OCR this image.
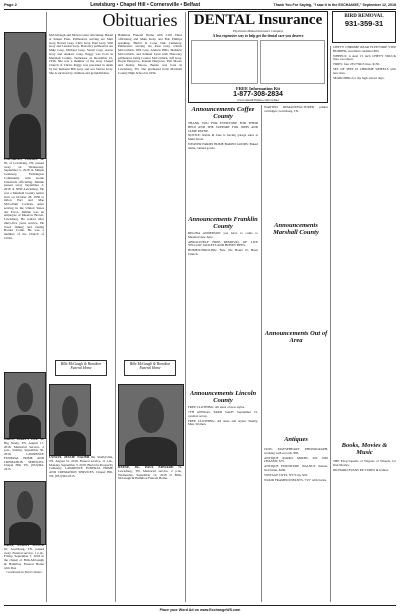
Page 2	Lewisburg • Chapel Hill • Cornersville • Belfast	Thank You For Saying, "I saw it in the EXCHANGE," September 12, 2018
Obituaries

COCHRAN, JIMMIE W. 85, of Lewisburg, TN, passed away on Wednesday, September 5, 2018 in Simple Cemetery, Farmington Community with Gettie Chadwick officiating. Jimmie passed away September 2, 2018 at NHC-Lewisburg. He was a Marshall County native born on October 28, 1936 to Orion Earl and Mae McCollum Cochran. After serving in the United States Air Force, Jimmie was an employee of Meadow Brown, Lewisburg. He retired after thirty-five years service. He loved fishing and raising Border Collie. He was a member of the Church of Christ.

GHEE, MARTY LEE 58, Big Sandy, TN, August 17, 2018. Memorial Service, 2 p.m., Sunday, September 30, 2018, LAWRENCE FUNERAL HOME AND CREMATION SERVICES, Chapel Hill, TN, (931)364-2215.

GRAY, PEGGY JOYCE 81, Lewisburg, TN, passed away. Funeral service, 1 p.m., Friday, September 7, 2018 in the chapel of Bills-McGaugh & Hamilton Funeral Home with Don

Continued on Next Column

McCullough and Shawn Grant officiating. Burial at Sunset Park. Pallbearers serving are Matt Gray, Robert Gray, Chris Gray, Paul Gray, Will Gray and Landon Gray. Honorary pallbearers are Mike Gray, Michael Gray, Storm Gray, Aaron Gray and Andrew Gray. Peggy was born in Marshall County, Tennessee on December 12, 1936. She was a member of the Gray Chapel Church of Christ. Peggy was preceded in death by her husband Bill Gray and son Steven Gray. She is survived by children and grandchildren.

Bills-McGaugh & Hamilton Funeral Home

LYNCH, JESSIE NAOMI 84, Shelbyville, TN, August 31, 2018. Funeral service, 11 a.m., Monday, September 3, 2018. Burial in Prosperity Cemetery. LAWRENCE FUNERAL HOME AND CREMATION SERVICES, Chapel Hill, TN, (931)364-2215.

Hamilton Funeral Home with Cliff Vines officiating and Mike Keny and Bob Phillips speaking. Burial in Lone Oak Cemetery. Pallbearers serving are Paul Gray, Chuck McCormick, Will Gray, Andrew Hills, Matthew McCormick, and Samuel Lynn with Honorary pallbearers being Connor McCormick, Jeff Gray. Doyle Hargrove, Ronnie Hargrove, Tim Moore and Kenny Moore. Bessie was born in Lewisburg, TN. She graduated from Marshall County High School in 1959.

Bills-McGaugh & Hamilton Funeral Home

REESE, JR., PAUL EDWARD 76, Lewisburg, TN, Memorial service, 2 p.m., Wednesday, September 12, 2018 at Bills-McGaugh & Hamilton Funeral Home.

DENTAL Insurance
Physicians Mutual Insurance Company
A less expensive way to help get the dental care you deserve
FREE Information Kit
1-877-308-2834
www.dental50plus.com/cadnet
BIRD REMOVAL
931-359-31
Announcements Coffee County

THANK YOU FOR EVERYONE FOR THEIR HELP AND THE SUPPORT FOR JOHN AND JANIE PAYNE.

NOTICE: Ruble & Jane is having garage sales at Main Street.

WEAVER FARMS HOME BAKED GOODS: Baked items, canned goods.

Announcements Franklin County

REGINA ANDERSON you have to come to Meadowview Apts.

ABSOLUTELY FREE REMOVAL OF LIVE YELLOW JACKETS AND HONEY BEES.

HOMESCHOOLING: New life Hours To Heart Church.

Announcements Lincoln County

FREE CLOTHING: All sizes of new styles.

7TH ANNUAL YARD SALE: September 15, vendors set up.

FREE CLOTHING: All sizes and styles: Shelby, Men, Women.

WANTED REMANUFACTURED printer cartridges, Lewisburg, TN.

Announcements Marshall County
Announcements Out of Area
Antiques

1920's MAYSEBEARY PHONOGRAPH, working with records. $95.

ANTIQUE RADIO MODEL 202 1920 CHASSIS; $75.

ANTIQUE FURNITURE WALNUT dresser, bed frame, $200.

VINTAGE TOYS, NY/S tin, $35.

WOOD FRAMED INFANTS, 7'x5" with backs.

CHEVY CHROME REAR FLEETSIDE STEP BUMPER, excellent condition $95.

WHEELS: 4 steel 15 inch CHEVY TRUCK tires, Goodyear.

TIRES: four 235/75R15 tires, $150.

SET OF JEEP 16 CHROME WHEELS with new tires.

SEARCHING for my high school days.

Books, Movies & Music

THE Encyclopedia of Wagons of Wheels, for Dan Mosley.

RICHARD EVANS PICTURES & frames.

Place your Word Ad on www.ExchangeWS.com
